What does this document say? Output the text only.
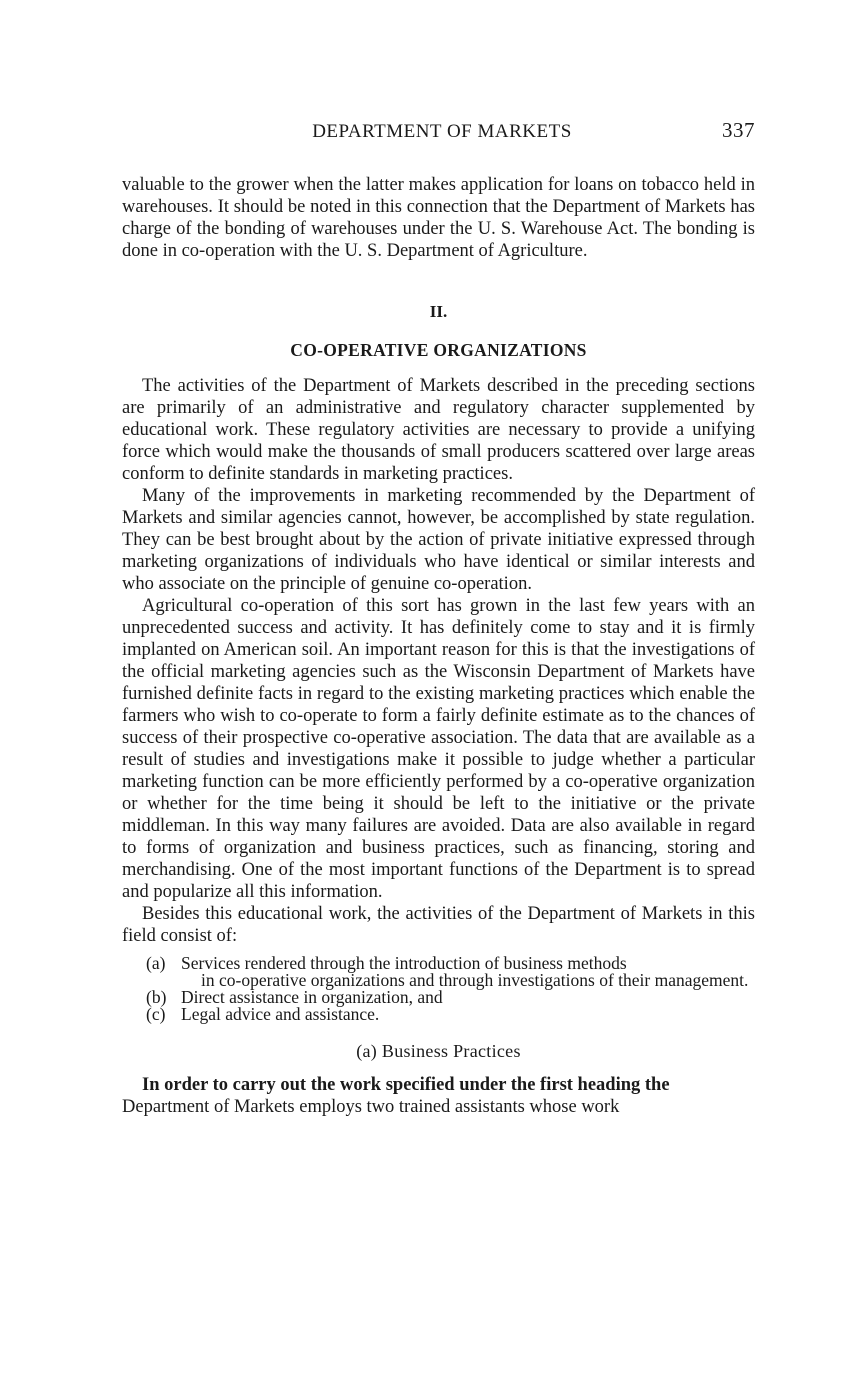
DEPARTMENT OF MARKETS	337

valuable to the grower when the latter makes application for loans on tobacco held in warehouses. It should be noted in this connection that the Department of Markets has charge of the bonding of warehouses under the U. S. Warehouse Act. The bonding is done in co-operation with the U. S. Department of Agriculture.

II.
CO-OPERATIVE ORGANIZATIONS

The activities of the Department of Markets described in the preceding sections are primarily of an administrative and regulatory character supplemented by educational work. These regulatory activities are necessary to provide a unifying force which would make the thousands of small producers scattered over large areas conform to definite standards in marketing practices.

Many of the improvements in marketing recommended by the Department of Markets and similar agencies cannot, however, be accomplished by state regulation. They can be best brought about by the action of private initiative expressed through marketing organizations of individuals who have identical or similar interests and who associate on the principle of genuine co-operation.

Agricultural co-operation of this sort has grown in the last few years with an unprecedented success and activity. It has definitely come to stay and it is firmly implanted on American soil. An important reason for this is that the investigations of the official marketing agencies such as the Wisconsin Department of Markets have furnished definite facts in regard to the existing marketing practices which enable the farmers who wish to co-operate to form a fairly definite estimate as to the chances of success of their prospective co-operative association. The data that are available as a result of studies and investigations make it possible to judge whether a particular marketing function can be more efficiently performed by a co-operative organization or whether for the time being it should be left to the initiative or the private middleman. In this way many failures are avoided. Data are also available in regard to forms of organization and business practices, such as financing, storing and merchandising. One of the most important functions of the Department is to spread and popularize all this information.

Besides this educational work, the activities of the Department of Markets in this field consist of:

(a) Services rendered through the introduction of business methods
in co-operative organizations and through investigations of their management.
(b) Direct assistance in organization, and
(c) Legal advice and assistance.
(a) Business Practices

In order to carry out the work specified under the first heading the

Department of Markets employs two trained assistants whose work
